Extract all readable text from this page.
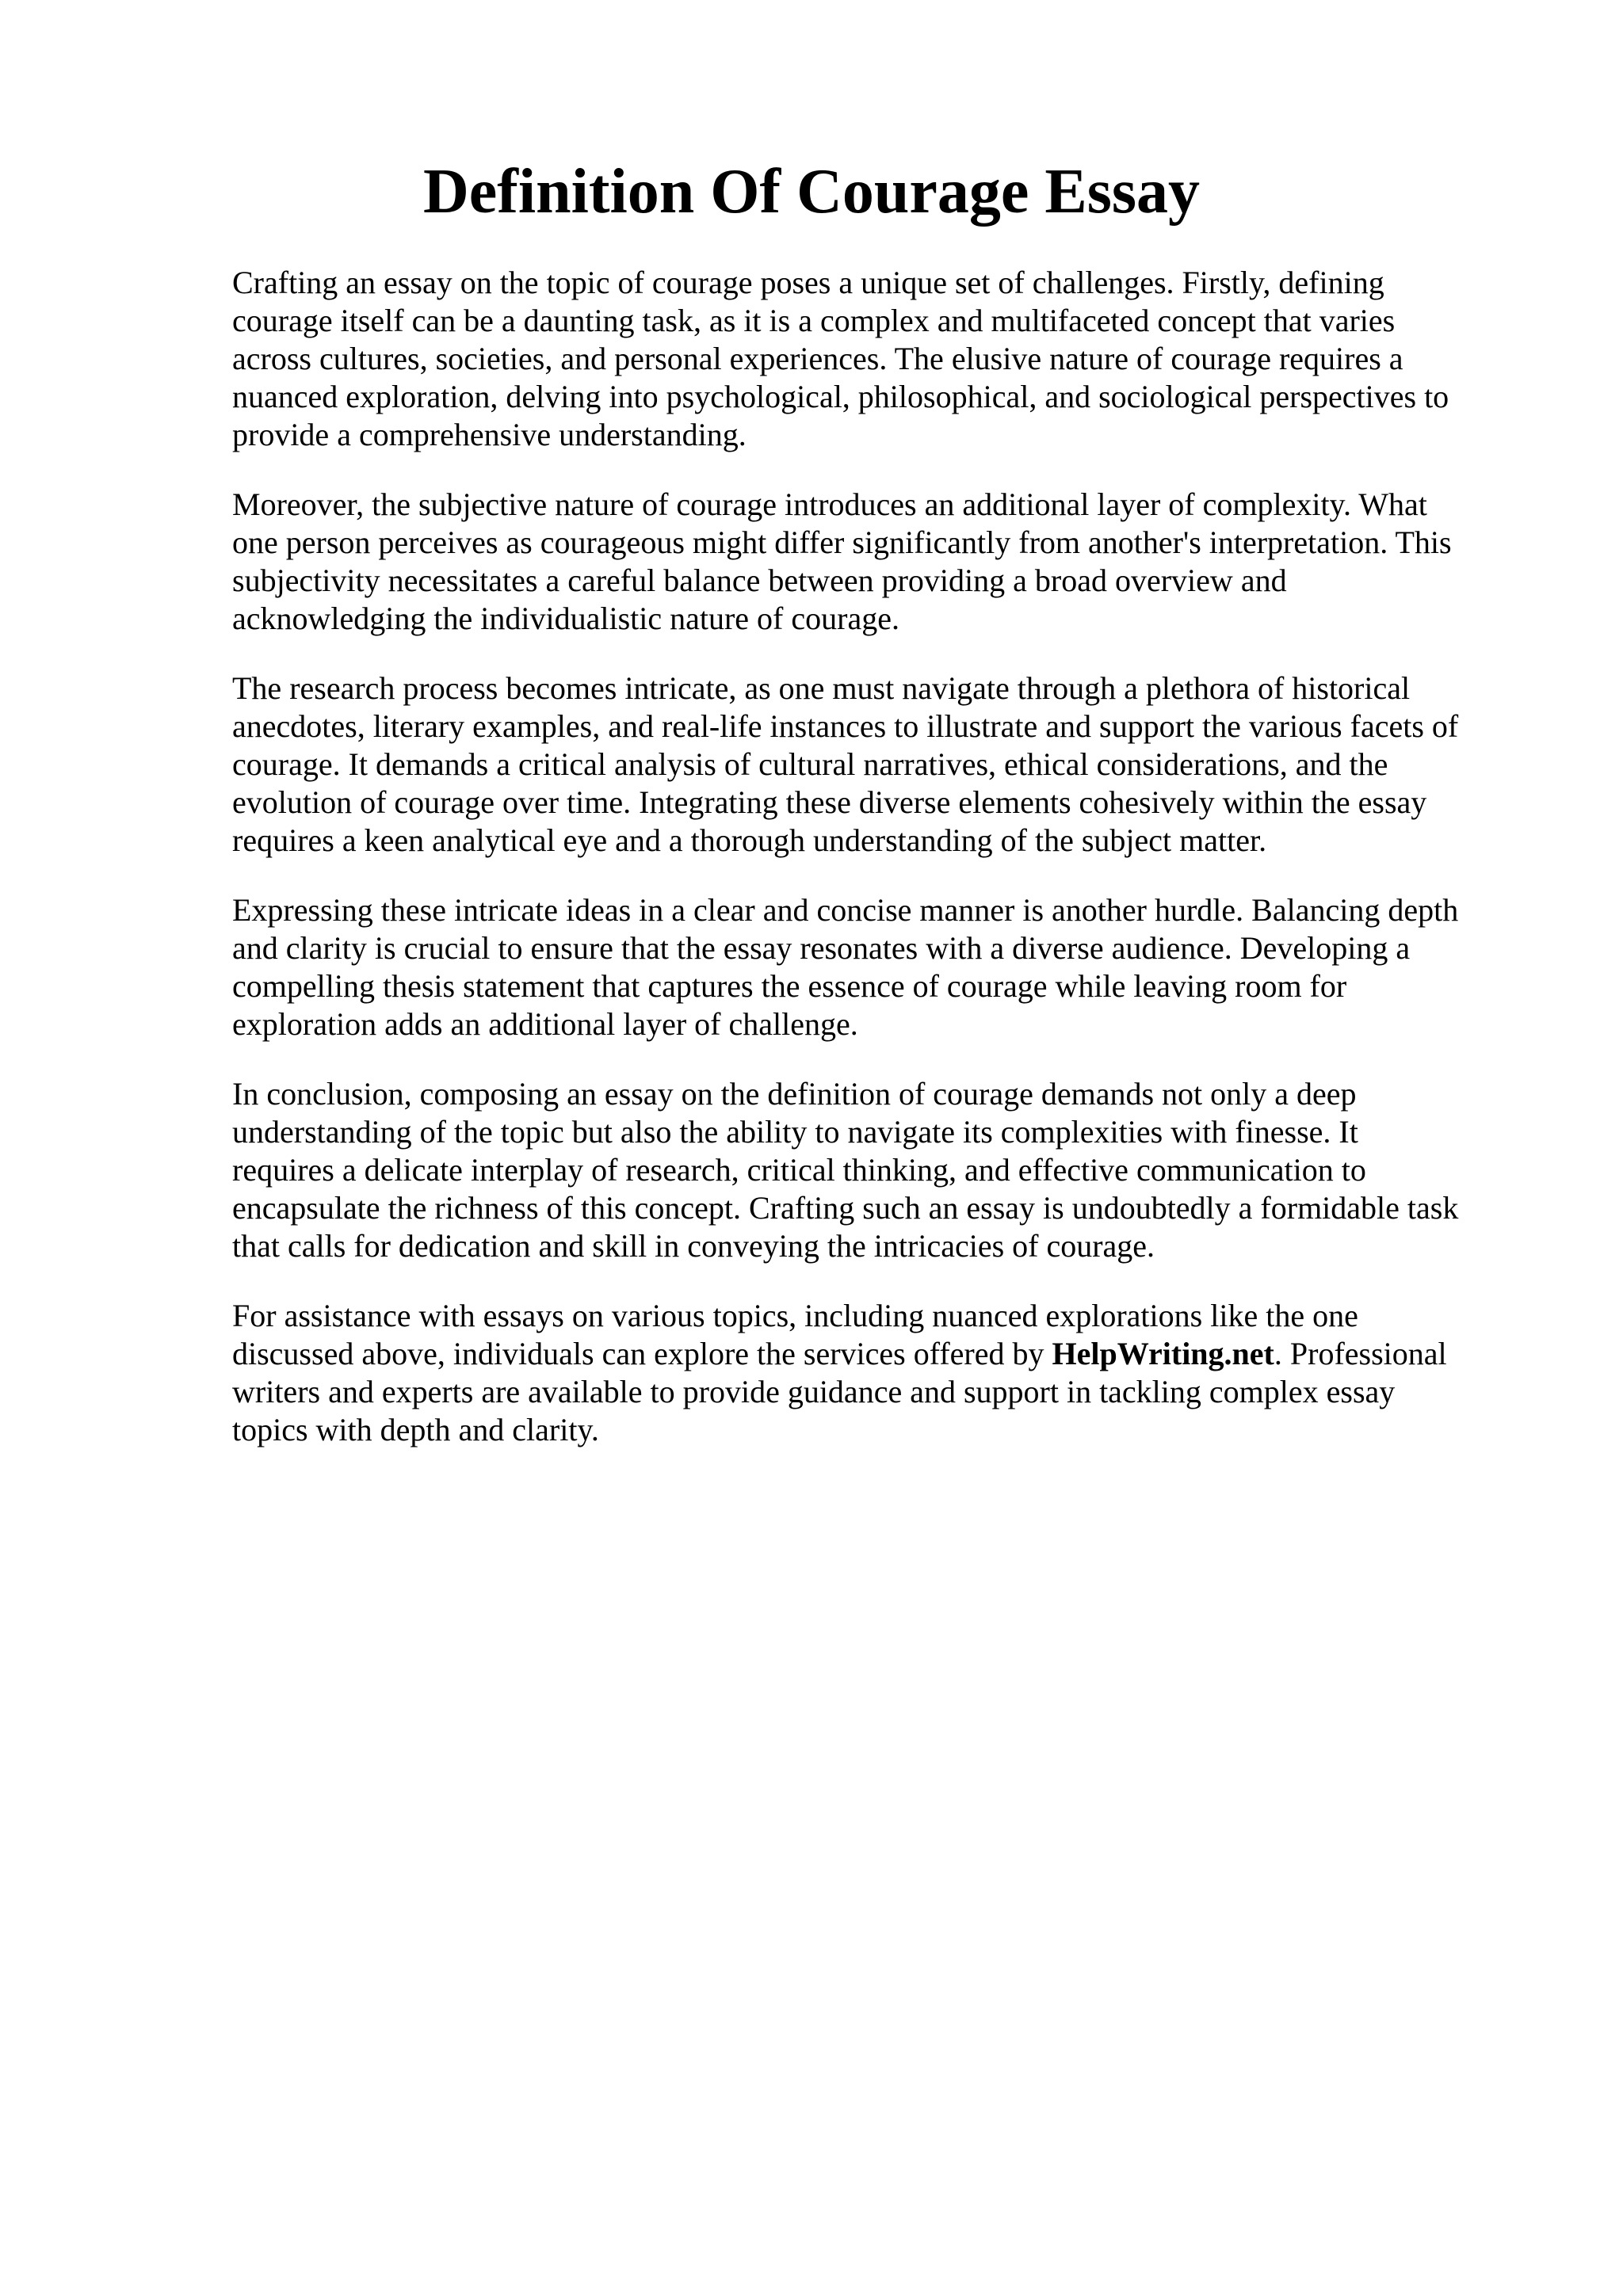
Definition Of Courage Essay

Crafting an essay on the topic of courage poses a unique set of challenges. Firstly, defining
courage itself can be a daunting task, as it is a complex and multifaceted concept that varies
across cultures, societies, and personal experiences. The elusive nature of courage requires a
nuanced exploration, delving into psychological, philosophical, and sociological perspectives to
provide a comprehensive understanding.

Moreover, the subjective nature of courage introduces an additional layer of complexity. What
one person perceives as courageous might differ significantly from another's interpretation. This
subjectivity necessitates a careful balance between providing a broad overview and
acknowledging the individualistic nature of courage.

The research process becomes intricate, as one must navigate through a plethora of historical
anecdotes, literary examples, and real-life instances to illustrate and support the various facets of
courage. It demands a critical analysis of cultural narratives, ethical considerations, and the
evolution of courage over time. Integrating these diverse elements cohesively within the essay
requires a keen analytical eye and a thorough understanding of the subject matter.

Expressing these intricate ideas in a clear and concise manner is another hurdle. Balancing depth
and clarity is crucial to ensure that the essay resonates with a diverse audience. Developing a
compelling thesis statement that captures the essence of courage while leaving room for
exploration adds an additional layer of challenge.

In conclusion, composing an essay on the definition of courage demands not only a deep
understanding of the topic but also the ability to navigate its complexities with finesse. It
requires a delicate interplay of research, critical thinking, and effective communication to
encapsulate the richness of this concept. Crafting such an essay is undoubtedly a formidable task
that calls for dedication and skill in conveying the intricacies of courage.

For assistance with essays on various topics, including nuanced explorations like the one
discussed above, individuals can explore the services offered by HelpWriting.net. Professional
writers and experts are available to provide guidance and support in tackling complex essay
topics with depth and clarity.
